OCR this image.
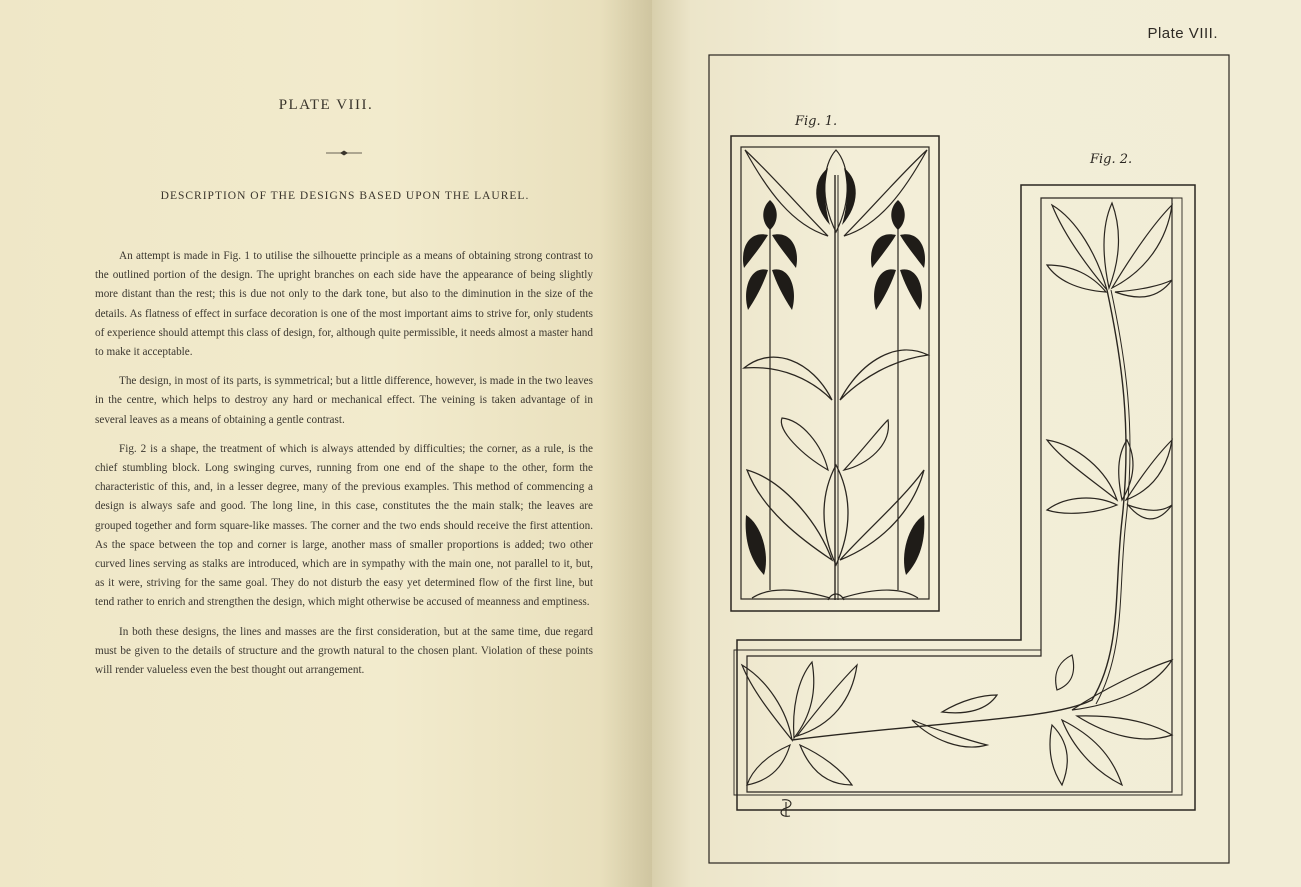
PLATE VIII.
DESCRIPTION OF THE DESIGNS BASED UPON THE LAUREL.

An attempt is made in Fig. 1 to utilise the silhouette principle as a means of obtaining strong contrast to the outlined portion of the design. The upright branches on each side have the appearance of being slightly more distant than the rest; this is due not only to the dark tone, but also to the diminution in the size of the details. As flatness of effect in surface decoration is one of the most important aims to strive for, only students of experience should attempt this class of design, for, although quite permissible, it needs almost a master hand to make it acceptable.

The design, in most of its parts, is symmetrical; but a little difference, however, is made in the two leaves in the centre, which helps to destroy any hard or mechanical effect. The veining is taken advantage of in several leaves as a means of obtaining a gentle contrast.

Fig. 2 is a shape, the treatment of which is always attended by difficulties; the corner, as a rule, is the chief stumbling block. Long swinging curves, running from one end of the shape to the other, form the characteristic of this, and, in a lesser degree, many of the previous examples. This method of commencing a design is always safe and good. The long line, in this case, constitutes the the main stalk; the leaves are grouped together and form square-like masses. The corner and the two ends should receive the first attention. As the space between the top and corner is large, another mass of smaller proportions is added; two other curved lines serving as stalks are introduced, which are in sympathy with the main one, not parallel to it, but, as it were, striving for the same goal. They do not disturb the easy yet determined flow of the first line, but tend rather to enrich and strengthen the design, which might otherwise be accused of meanness and emptiness.

In both these designs, the lines and masses are the first consideration, but at the same time, due regard must be given to the details of structure and the growth natural to the chosen plant. Violation of these points will render valueless even the best thought out arrangement.

Plate VIII.
Fig. 1.
Fig. 2.
